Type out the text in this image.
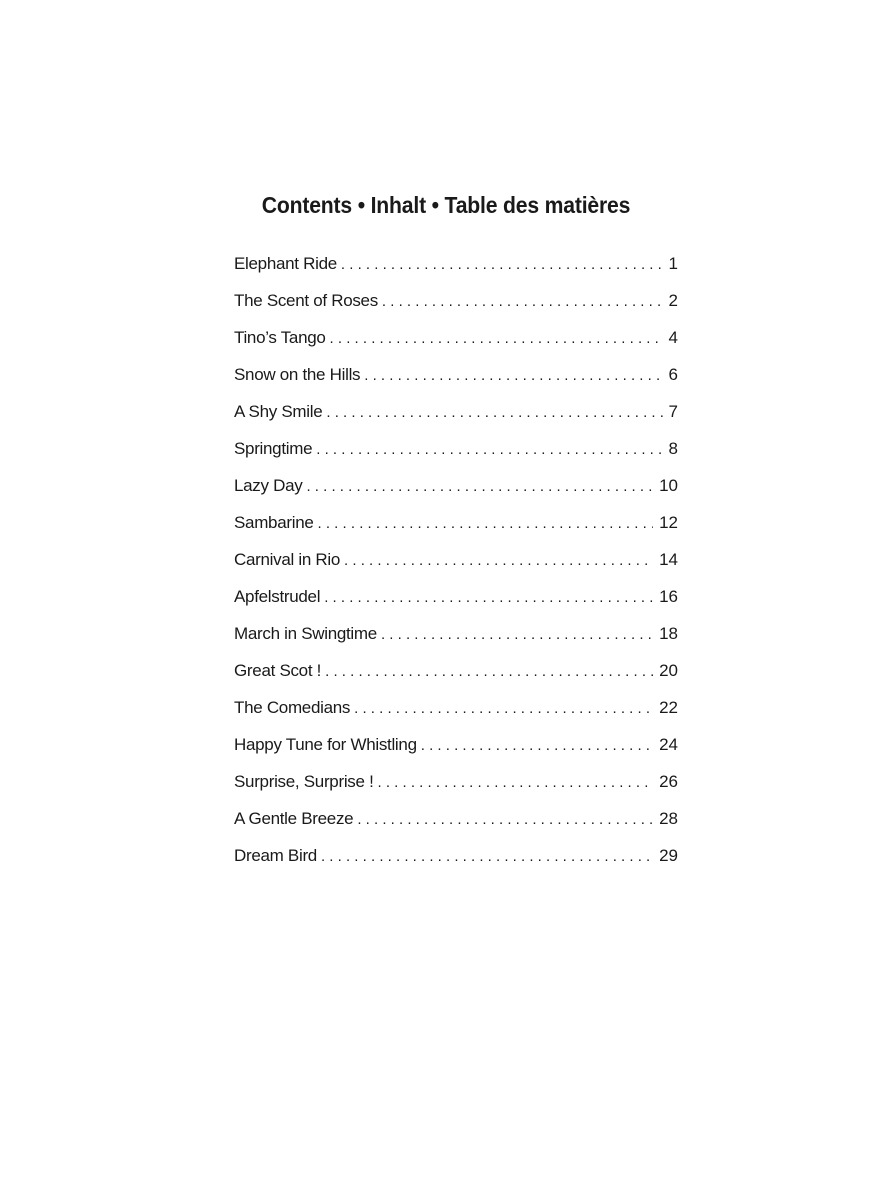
Contents • Inhalt • Table des matières
Elephant Ride . . .	1
The Scent of Roses . . .	2
Tino’s Tango . . .	4
Snow on the Hills . . .	6
A Shy Smile . . .	7
Springtime . . .	8
Lazy Day . . .	10
Sambarine . . .	12
Carnival in Rio . . .	14
Apfelstrudel . . .	16
March in Swingtime . . .	18
Great Scot ! . . .	20
The Comedians . . .	22
Happy Tune for Whistling . . .	24
Surprise, Surprise ! . . .	26
A Gentle Breeze . . .	28
Dream Bird . . .	29
